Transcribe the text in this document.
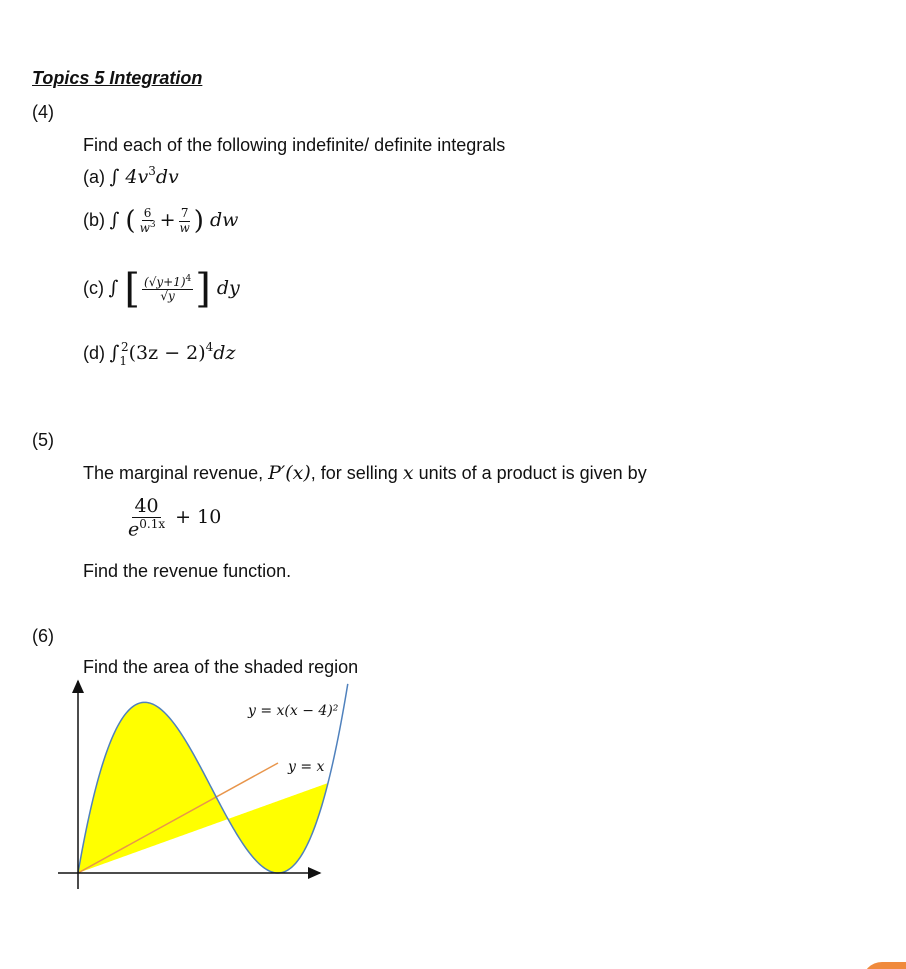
Topics 5 Integration
(4)
Find each of the following indefinite/ definite integrals
(a) ∫ $4v^3dv$
(b) ∫ ( $\frac{6}{w^3} + \frac{7}{w}$ ) dw
(c) ∫ [ $\frac{(√y+1)^4}{√y}$ ] dy
(d) $\int_1^2(3z - 2)^4dz$
(5)
The marginal revenue, P′(x), for selling x units of a product is given by
$\frac{40}{e^{0.1x}} + 10$
Find the revenue function.
(6)
Find the area of the shaded region
y = x(x − 4)²
y = x
